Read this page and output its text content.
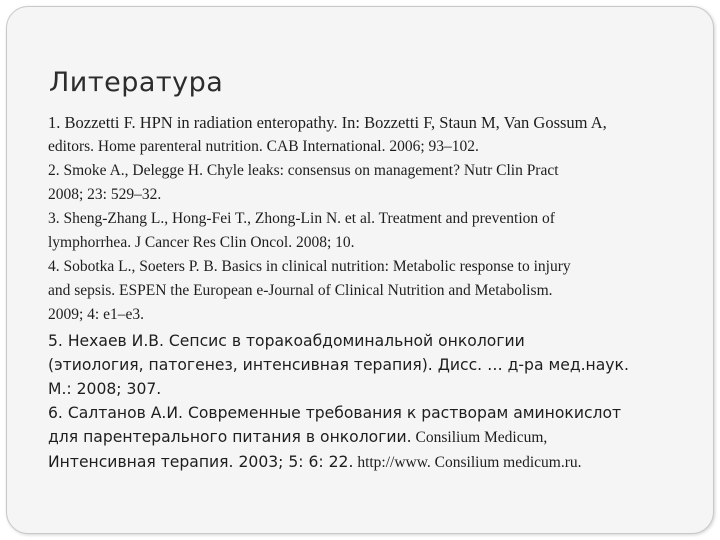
Литература

1. Bozzetti F. HPN in radiation enteropathy. In: Bozzetti F, Staun M, Van Gossum A,

editors. Home parenteral nutrition. CAB International. 2006; 93–102.

2. Smoke A., Delegge H. Chyle leaks: consensus on management? Nutr Clin Pract

2008; 23: 529–32.

3. Sheng-Zhang L., Hong-Fei T., Zhong-Lin N. et al. Treatment and prevention of

lymphorrhea. J Cancer Res Clin Oncol. 2008; 10.

4. Sobotka L., Soeters P. B. Basics in clinical nutrition: Metabolic response to injury

and sepsis. ESPEN the European e-Journal of Clinical Nutrition and Metabolism.

2009; 4: e1–e3.

5. Нехаев И.В. Сепсис в торакоабдоминальной онкологии

(этиология, патогенез, интенсивная терапия). Дисс. … д-ра мед.наук.

М.: 2008; 307.

6. Салтанов А.И. Современные требования к растворам аминокислот

для парентерального питания в онкологии. Consilium Medicum,

Интенсивная терапия. 2003; 5: 6: 22. http://www. Consilium medicum.ru.
